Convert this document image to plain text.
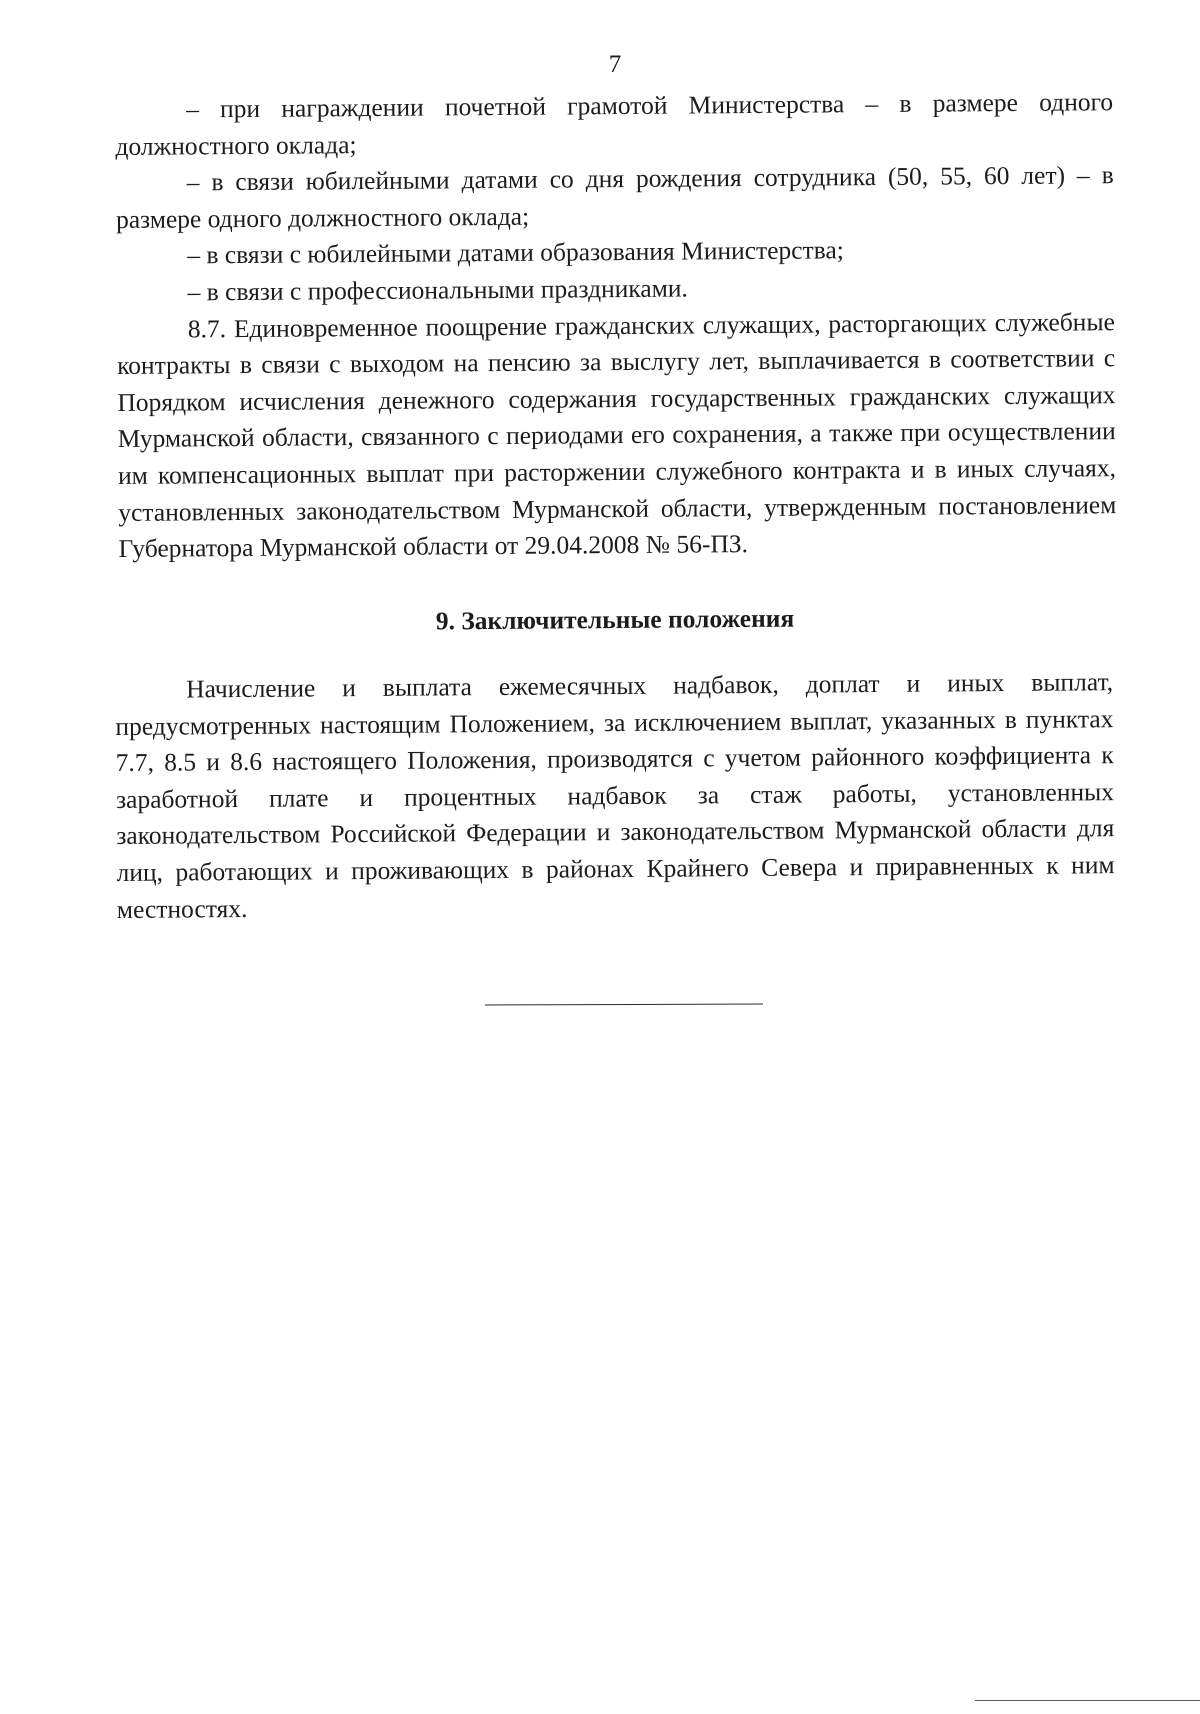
7

– при награждении почетной грамотой Министерства – в размере одного должностного оклада;

– в связи юбилейными датами со дня рождения сотрудника (50, 55, 60 лет) – в размере одного должностного оклада;

– в связи с юбилейными датами образования Министерства;

– в связи с профессиональными праздниками.

8.7. Единовременное поощрение гражданских служащих, расторгающих служебные контракты в связи с выходом на пенсию за выслугу лет, выплачивается в соответствии с Порядком исчисления денежного содержания государственных гражданских служащих Мурманской области, связанного с периодами его сохранения, а также при осуществлении им компенсационных выплат при расторжении служебного контракта и в иных случаях, установленных законодательством Мурманской области, утвержденным постановлением Губернатора Мурманской области от 29.04.2008 № 56-ПЗ.

9. Заключительные положения

Начисление и выплата ежемесячных надбавок, доплат и иных выплат, предусмотренных настоящим Положением, за исключением выплат, указанных в пунктах 7.7, 8.5 и 8.6 настоящего Положения, производятся с учетом районного коэффициента к заработной плате и процентных надбавок за стаж работы, установленных законодательством Российской Федерации и законодательством Мурманской области для лиц, работающих и проживающих в районах Крайнего Севера и приравненных к ним местностях.
